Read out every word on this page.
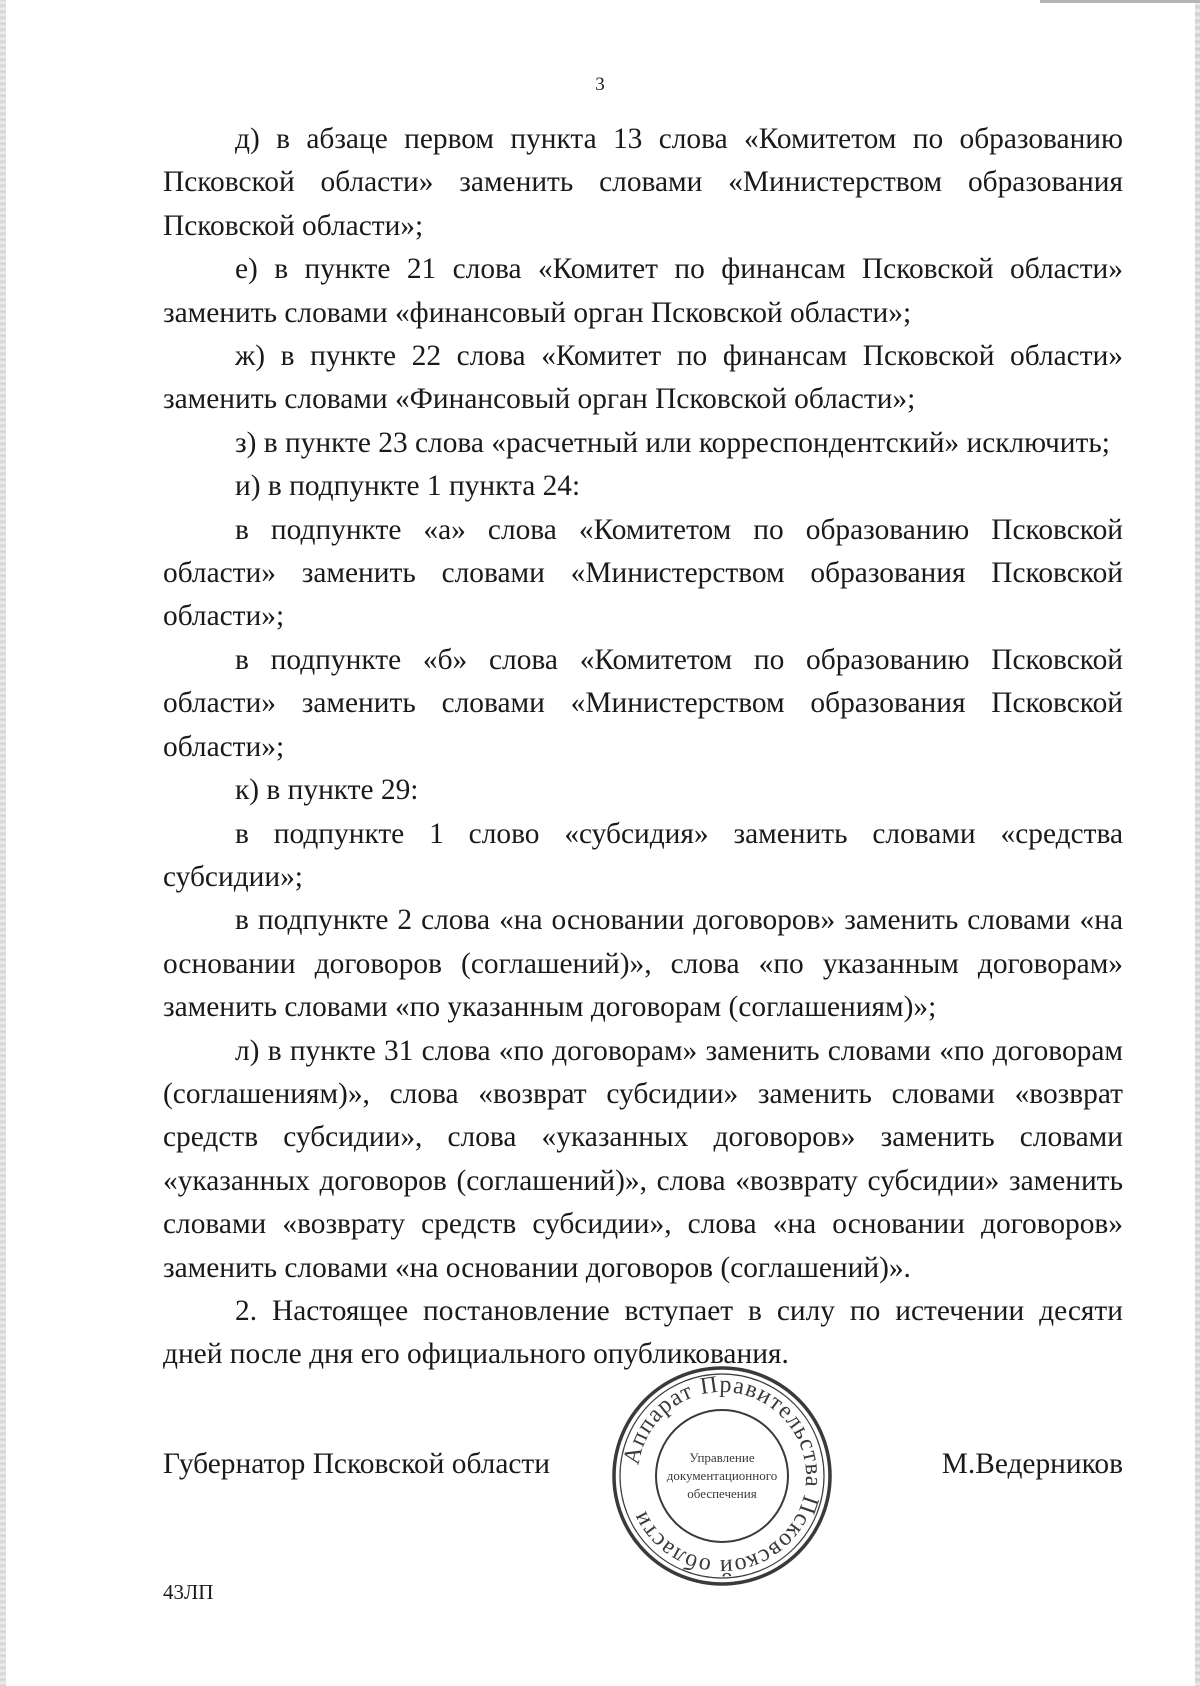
3

д) в абзаце первом пункта 13 слова «Комитетом по образованию Псковской области» заменить словами «Министерством образования Псковской области»;

е) в пункте 21 слова «Комитет по финансам Псковской области» заменить словами «финансовый орган Псковской области»;

ж) в пункте 22 слова «Комитет по финансам Псковской области» заменить словами «Финансовый орган Псковской области»;

з) в пункте 23 слова «расчетный или корреспондентский» исключить;

и) в подпункте 1 пункта 24:

в подпункте «а» слова «Комитетом по образованию Псковской области» заменить словами «Министерством образования Псковской области»;

в подпункте «б» слова «Комитетом по образованию Псковской области» заменить словами «Министерством образования Псковской области»;

к) в пункте 29:

в подпункте 1 слово «субсидия» заменить словами «средства субсидии»;

в подпункте 2 слова «на основании договоров» заменить словами «на основании договоров (соглашений)», слова «по указанным договорам» заменить словами «по указанным договорам (соглашениям)»;

л) в пункте 31 слова «по договорам» заменить словами «по договорам (соглашениям)», слова «возврат субсидии» заменить словами «возврат средств субсидии», слова «указанных договоров» заменить словами «указанных договоров (соглашений)», слова «возврату субсидии» заменить словами «возврату средств субсидии», слова «на основании договоров» заменить словами «на основании договоров (соглашений)».

2. Настоящее постановление вступает в силу по истечении десяти дней после дня его официального опубликования.

Губернатор Псковской области	М.Ведерников
43ЛП
Аппарат Правительства Псковской области
Управление
документационного
обеспечения
